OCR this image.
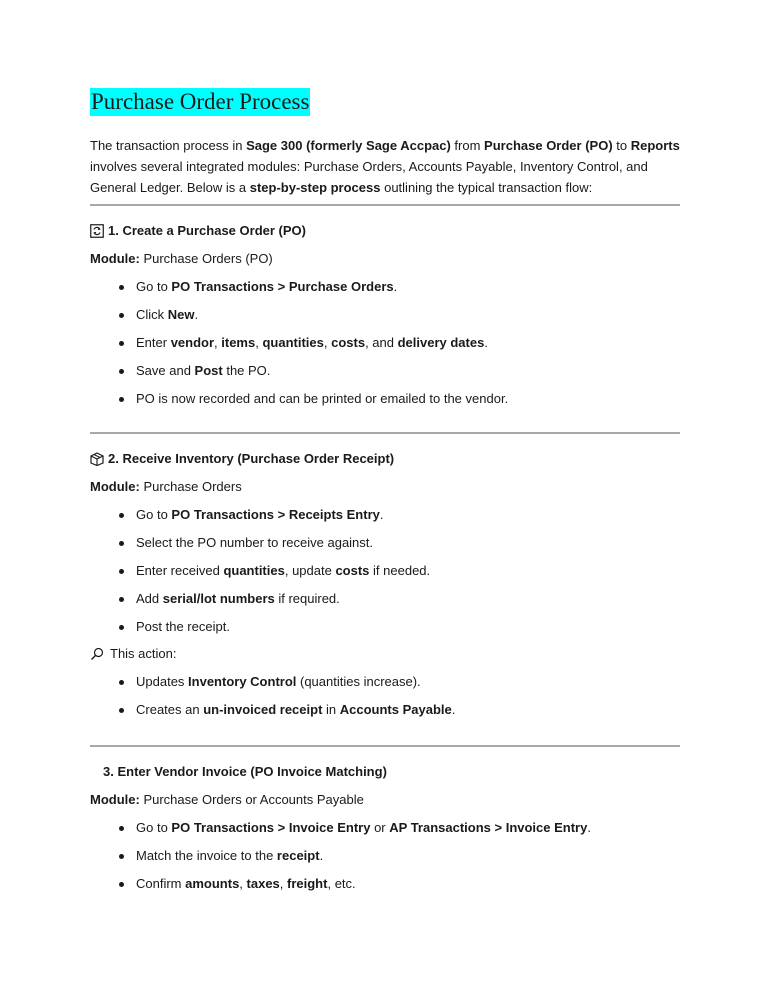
Purchase Order Process
The transaction process in Sage 300 (formerly Sage Accpac) from Purchase Order (PO) to Reports involves several integrated modules: Purchase Orders, Accounts Payable, Inventory Control, and General Ledger. Below is a step-by-step process outlining the typical transaction flow:
1. Create a Purchase Order (PO)
Module: Purchase Orders (PO)
Go to PO Transactions > Purchase Orders.
Click New.
Enter vendor, items, quantities, costs, and delivery dates.
Save and Post the PO.
PO is now recorded and can be printed or emailed to the vendor.
2. Receive Inventory (Purchase Order Receipt)
Module: Purchase Orders
Go to PO Transactions > Receipts Entry.
Select the PO number to receive against.
Enter received quantities, update costs if needed.
Add serial/lot numbers if required.
Post the receipt.
This action:
Updates Inventory Control (quantities increase).
Creates an un-invoiced receipt in Accounts Payable.
3. Enter Vendor Invoice (PO Invoice Matching)
Module: Purchase Orders or Accounts Payable
Go to PO Transactions > Invoice Entry or AP Transactions > Invoice Entry.
Match the invoice to the receipt.
Confirm amounts, taxes, freight, etc.
